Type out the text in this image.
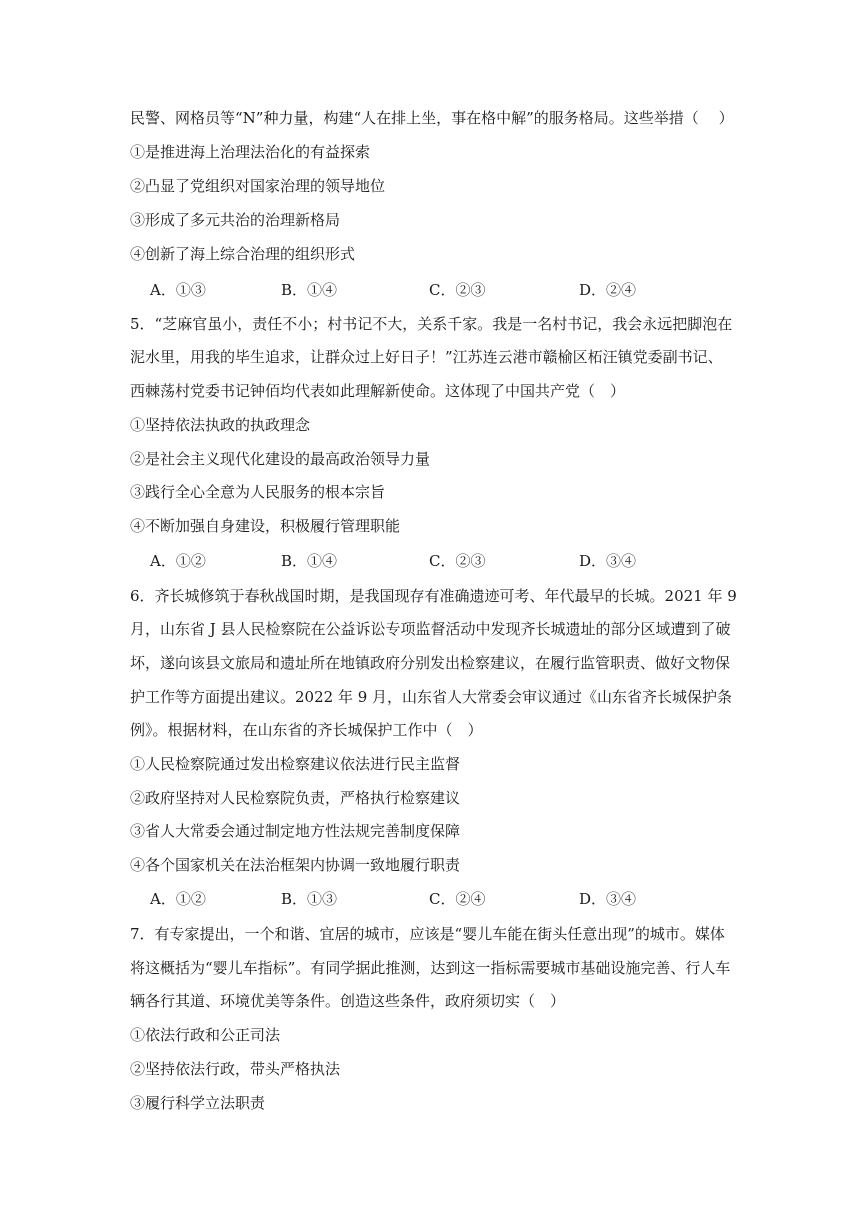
民警、网格员等“N”种力量，构建“人在排上坐，事在格中解”的服务格局。这些举措（　 ）
①是推进海上治理法治化的有益探索
②凸显了党组织对国家治理的领导地位
③形成了多元共治的治理新格局
④创新了海上综合治理的组织形式
A．①③	B．①④	C．②③	D．②④
5．“芝麻官虽小，责任不小；村书记不大，关系千家。我是一名村书记，我会永远把脚泡在
泥水里，用我的毕生追求，让群众过上好日子！”江苏连云港市赣榆区柘汪镇党委副书记、
西棘荡村党委书记钟佰均代表如此理解新使命。这体现了中国共产党（　）
①坚持依法执政的执政理念
②是社会主义现代化建设的最高政治领导力量
③践行全心全意为人民服务的根本宗旨
④不断加强自身建设，积极履行管理职能
A．①②	B．①④	C．②③	D．③④
6．齐长城修筑于春秋战国时期，是我国现存有准确遗迹可考、年代最早的长城。2021 年 9
月，山东省 J 县人民检察院在公益诉讼专项监督活动中发现齐长城遗址的部分区域遭到了破
坏，遂向该县文旅局和遗址所在地镇政府分别发出检察建议，在履行监管职责、做好文物保
护工作等方面提出建议。2022 年 9 月，山东省人大常委会审议通过《山东省齐长城保护条
例》。根据材料，在山东省的齐长城保护工作中（　）
①人民检察院通过发出检察建议依法进行民主监督
②政府坚持对人民检察院负责，严格执行检察建议
③省人大常委会通过制定地方性法规完善制度保障
④各个国家机关在法治框架内协调一致地履行职责
A．①②	B．①③	C．②④	D．③④
7．有专家提出，一个和谐、宜居的城市，应该是“婴儿车能在街头任意出现”的城市。媒体
将这概括为“婴儿车指标”。有同学据此推测，达到这一指标需要城市基础设施完善、行人车
辆各行其道、环境优美等条件。创造这些条件，政府须切实（　）
①依法行政和公正司法
②坚持依法行政，带头严格执法
③履行科学立法职责
